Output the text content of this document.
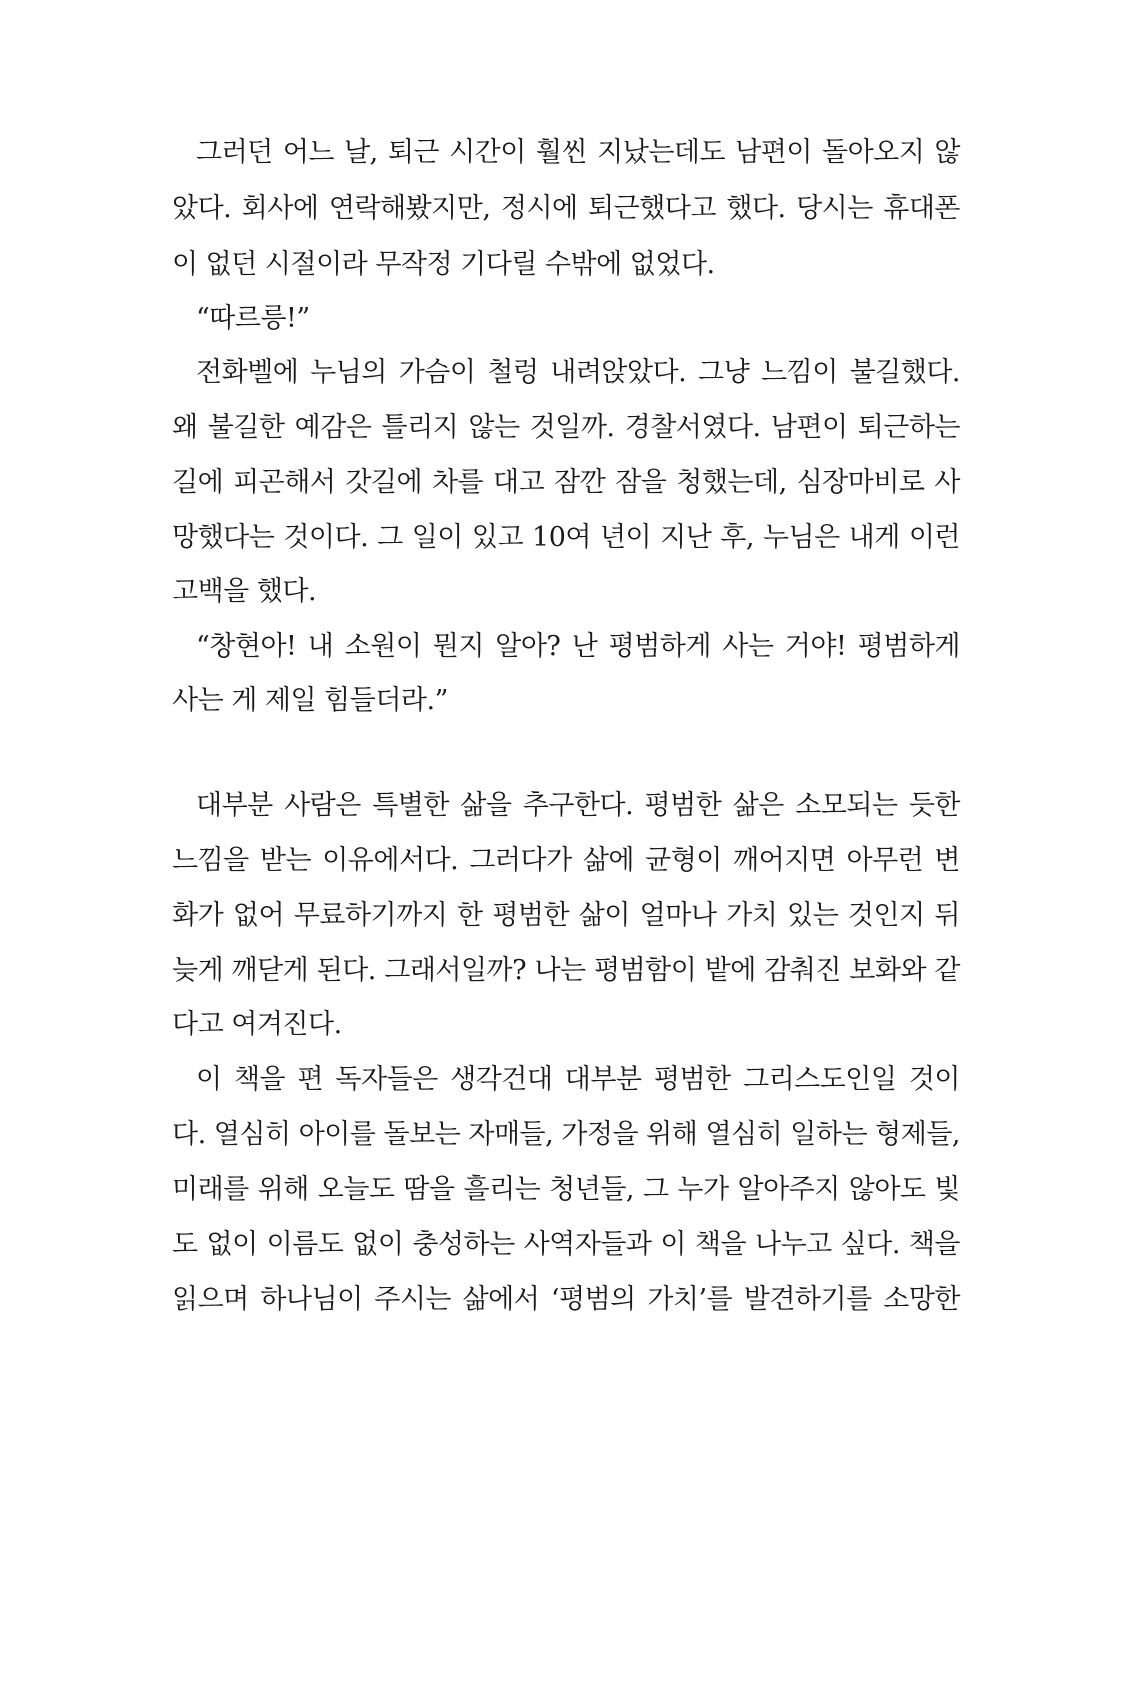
그러던 어느 날, 퇴근 시간이 훨씬 지났는데도 남편이 돌아오지 않
았다. 회사에 연락해봤지만, 정시에 퇴근했다고 했다. 당시는 휴대폰
이 없던 시절이라 무작정 기다릴 수밖에 없었다.
“따르릉!”
전화벨에 누님의 가슴이 철렁 내려앉았다. 그냥 느낌이 불길했다.
왜 불길한 예감은 틀리지 않는 것일까. 경찰서였다. 남편이 퇴근하는
길에 피곤해서 갓길에 차를 대고 잠깐 잠을 청했는데, 심장마비로 사
망했다는 것이다. 그 일이 있고 10여 년이 지난 후, 누님은 내게 이런
고백을 했다.
“창현아! 내 소원이 뭔지 알아? 난 평범하게 사는 거야! 평범하게
사는 게 제일 힘들더라.”
대부분 사람은 특별한 삶을 추구한다. 평범한 삶은 소모되는 듯한
느낌을 받는 이유에서다. 그러다가 삶에 균형이 깨어지면 아무런 변
화가 없어 무료하기까지 한 평범한 삶이 얼마나 가치 있는 것인지 뒤
늦게 깨닫게 된다. 그래서일까? 나는 평범함이 밭에 감춰진 보화와 같
다고 여겨진다.
이 책을 편 독자들은 생각건대 대부분 평범한 그리스도인일 것이
다. 열심히 아이를 돌보는 자매들, 가정을 위해 열심히 일하는 형제들,
미래를 위해 오늘도 땀을 흘리는 청년들, 그 누가 알아주지 않아도 빛
도 없이 이름도 없이 충성하는 사역자들과 이 책을 나누고 싶다. 책을
읽으며 하나님이 주시는 삶에서 ‘평범의 가치’를 발견하기를 소망한
